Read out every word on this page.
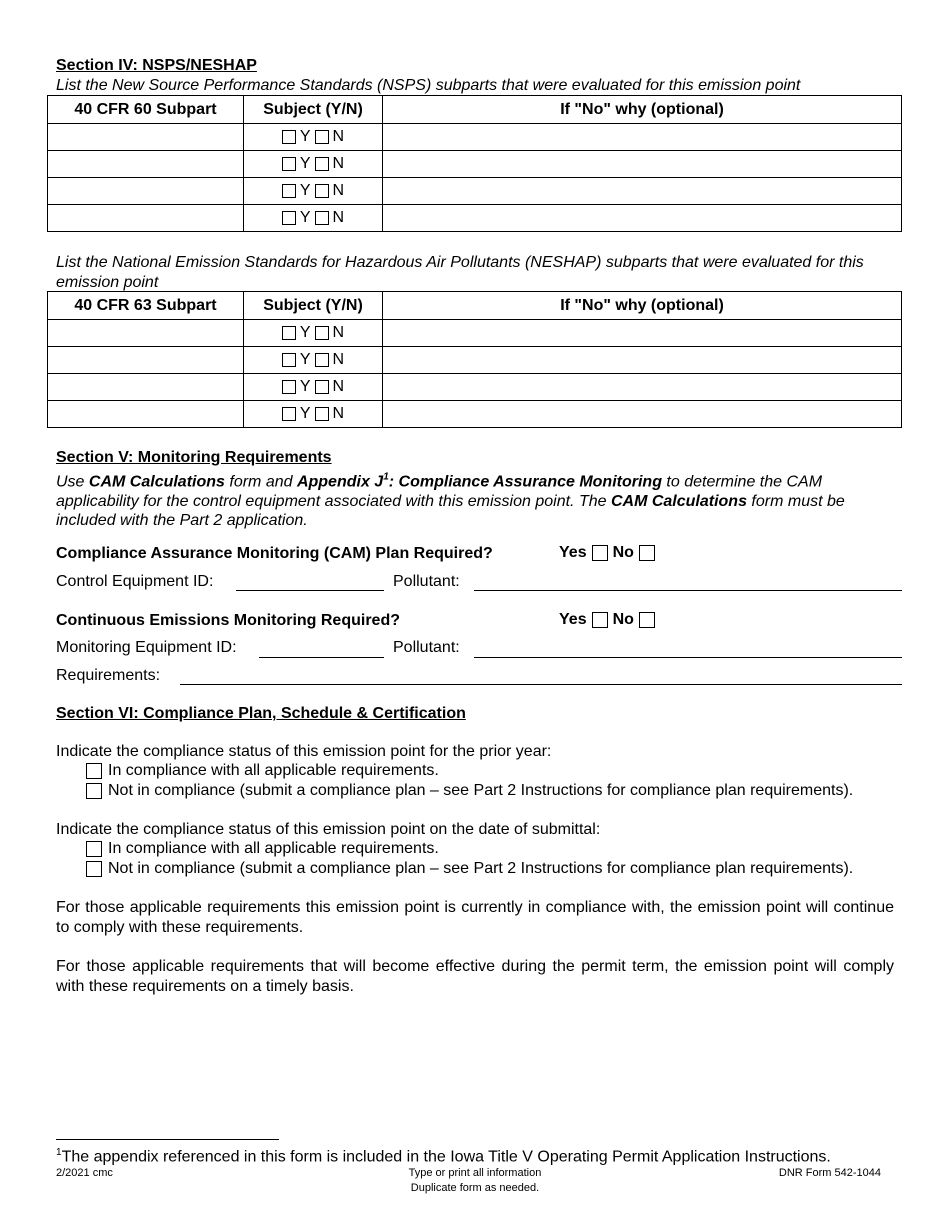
Section IV: NSPS/NESHAP
List the New Source Performance Standards (NSPS) subparts that were evaluated for this emission point
40 CFR 60 Subpart	Subject (Y/N)	If "No" why (optional)

	Y N	

	Y N	

	Y N	

	Y N	

List the National Emission Standards for Hazardous Air Pollutants (NESHAP) subparts that were evaluated for this emission point
40 CFR 63 Subpart	Subject (Y/N)	If "No" why (optional)

	Y N	

	Y N	

	Y N	

	Y N	

Section V: Monitoring Requirements
Use CAM Calculations form and Appendix $J^1$: Compliance Assurance Monitoring to determine the CAM applicability for the control equipment associated with this emission point. The CAM Calculations form must be included with the Part 2 application.
Compliance Assurance Monitoring (CAM) Plan Required?	Yes No
Control Equipment ID:	Pollutant:
Continuous Emissions Monitoring Required?	Yes No
Monitoring Equipment ID:	Pollutant:
Requirements:
Section VI: Compliance Plan, Schedule & Certification
Indicate the compliance status of this emission point for the prior year:
In compliance with all applicable requirements.
Not in compliance (submit a compliance plan – see Part 2 Instructions for compliance plan requirements).
Indicate the compliance status of this emission point on the date of submittal:
In compliance with all applicable requirements.
Not in compliance (submit a compliance plan – see Part 2 Instructions for compliance plan requirements).
For those applicable requirements this emission point is currently in compliance with, the emission point will continue to comply with these requirements.
For those applicable requirements that will become effective during the permit term, the emission point will comply with these requirements on a timely basis.
$^1$The appendix referenced in this form is included in the Iowa Title V Operating Permit Application Instructions.
2/2021 cmc	Type or print all information
Duplicate form as needed.
DNR Form 542-1044
